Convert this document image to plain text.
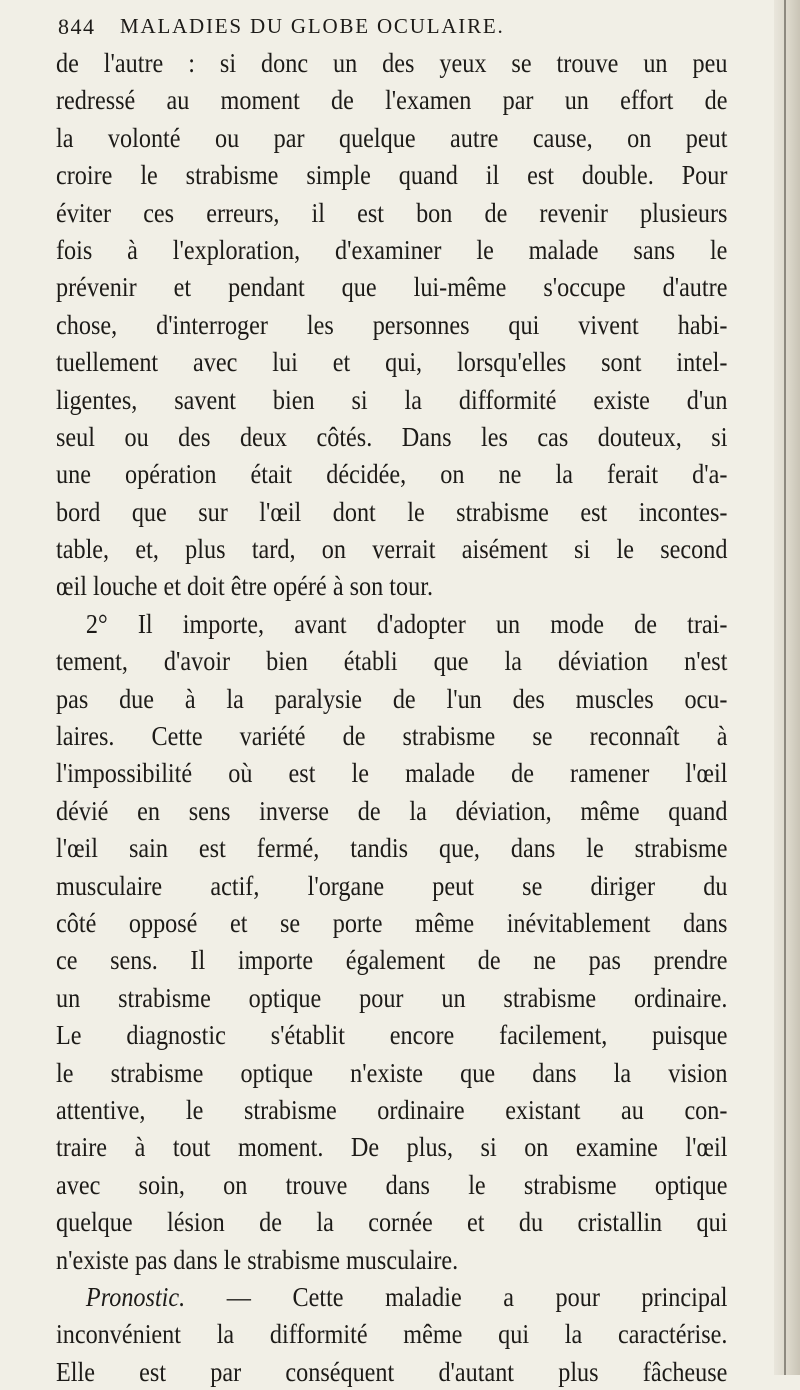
844 MALADIES DU GLOBE OCULAIRE.
de l'autre : si donc un des yeux se trouve un peu
redressé au moment de l'examen par un effort de
la volonté ou par quelque autre cause, on peut
croire le strabisme simple quand il est double. Pour
éviter ces erreurs, il est bon de revenir plusieurs
fois à l'exploration, d'examiner le malade sans le
prévenir et pendant que lui-même s'occupe d'autre
chose, d'interroger les personnes qui vivent habi-
tuellement avec lui et qui, lorsqu'elles sont intel-
ligentes, savent bien si la difformité existe d'un
seul ou des deux côtés. Dans les cas douteux, si
une opération était décidée, on ne la ferait d'a-
bord que sur l'œil dont le strabisme est incontes-
table, et, plus tard, on verrait aisément si le second
œil louche et doit être opéré à son tour.
2° Il importe, avant d'adopter un mode de trai-
tement, d'avoir bien établi que la déviation n'est
pas due à la paralysie de l'un des muscles ocu-
laires. Cette variété de strabisme se reconnaît à
l'impossibilité où est le malade de ramener l'œil
dévié en sens inverse de la déviation, même quand
l'œil sain est fermé, tandis que, dans le strabisme
musculaire actif, l'organe peut se diriger du
côté opposé et se porte même inévitablement dans
ce sens. Il importe également de ne pas prendre
un strabisme optique pour un strabisme ordinaire.
Le diagnostic s'établit encore facilement, puisque
le strabisme optique n'existe que dans la vision
attentive, le strabisme ordinaire existant au con-
traire à tout moment. De plus, si on examine l'œil
avec soin, on trouve dans le strabisme optique
quelque lésion de la cornée et du cristallin qui
n'existe pas dans le strabisme musculaire.
Pronostic. — Cette maladie a pour principal
inconvénient la difformité même qui la caractérise.
Elle est par conséquent d'autant plus fâcheuse
